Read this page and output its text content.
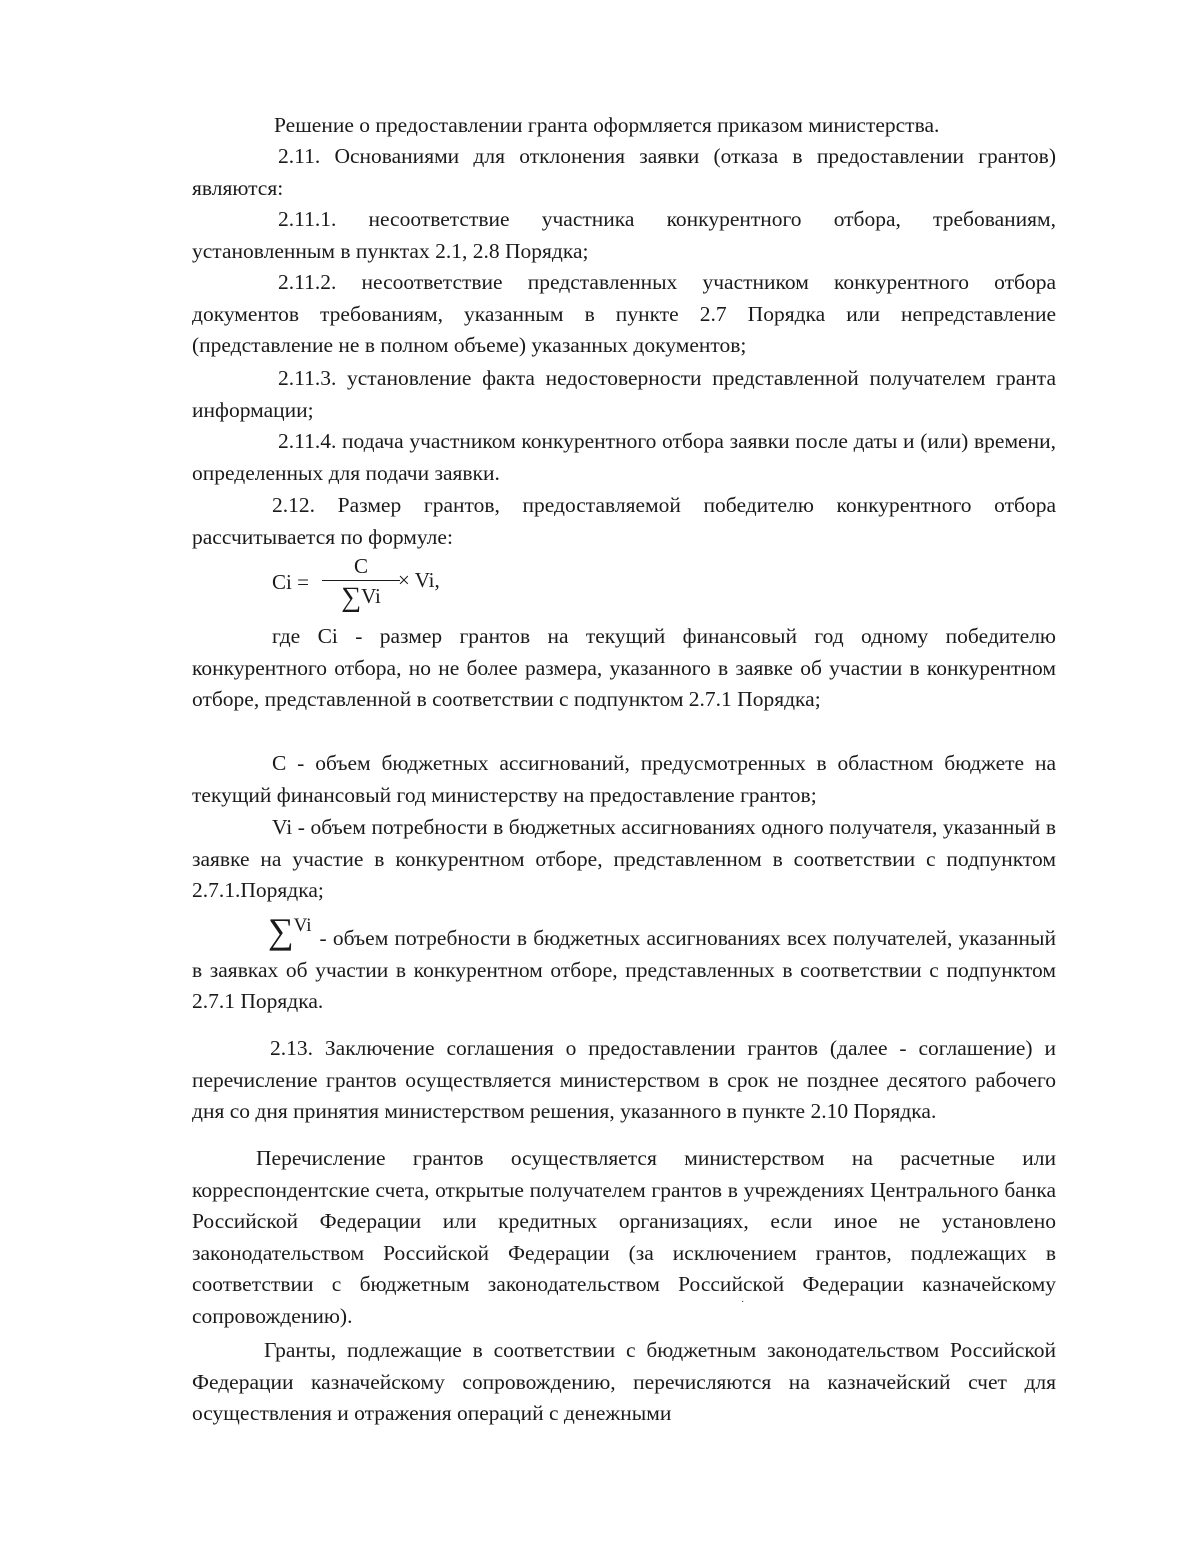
Решение о предоставлении гранта оформляется приказом министерства.

2.11. Основаниями для отклонения заявки (отказа в предоставлении грантов) являются:

2.11.1. несоответствие участника конкурентного отбора, требованиям, установленным в пунктах 2.1, 2.8 Порядка;

2.11.2. несоответствие представленных участником конкурентного отбора документов требованиям, указанным в пункте 2.7 Порядка или непредставление (представление не в полном объеме) указанных документов;

2.11.3. установление факта недостоверности представленной получателем гранта информации;

2.11.4. подача участником конкурентного отбора заявки после даты и (или) времени, определенных для подачи заявки.

2.12. Размер грантов, предоставляемой победителю конкурентного отбора рассчитывается по формуле:

Ci =
C
∑Vi
× Vi,

где Ci - размер грантов на текущий финансовый год одному победителю конкурентного отбора, но не более размера, указанного в заявке об участии в конкурентном отборе, представленной в соответствии с подпунктом 2.7.1 Порядка;

С - объем бюджетных ассигнований, предусмотренных в областном бюджете на текущий финансовый год министерству на предоставление грантов;

Vi - объем потребности в бюджетных ассигнованиях одного получателя, указанный в заявке на участие в конкурентном отборе, представленном в соответствии с подпунктом 2.7.1.Порядка;

∑Vi- объем потребности в бюджетных ассигнованиях всех получателей, указанный в заявках об участии в конкурентном отборе, представленных в соответствии с подпунктом 2.7.1 Порядка.

2.13. Заключение соглашения о предоставлении грантов (далее - соглашение) и перечисление грантов осуществляется министерством в срок не позднее десятого рабочего дня со дня принятия министерством решения, указанного в пункте 2.10 Порядка.

Перечисление грантов осуществляется министерством на расчетные или корреспондентские счета, открытые получателем грантов в учреждениях Центрального банка Российской Федерации или кредитных организациях, если иное не установлено законодательством Российской Федерации (за исключением грантов, подлежащих в соответствии с бюджетным законодательством Российской Федерации казначейскому сопровождению).

Гранты, подлежащие в соответствии с бюджетным законодательством Российской Федерации казначейскому сопровождению, перечисляются на казначейский счет для осуществления и отражения операций с денежными

·
